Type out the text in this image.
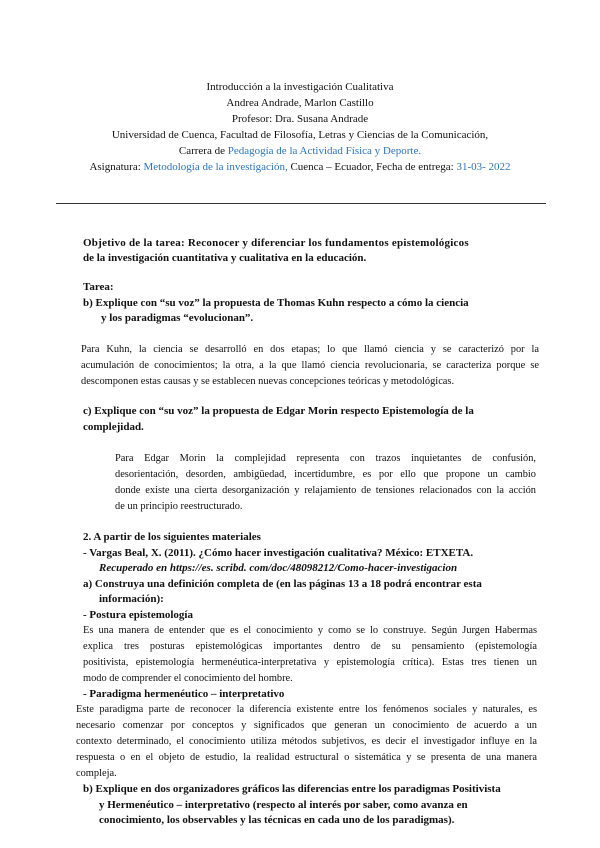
Introducción a la investigación Cualitativa
Andrea Andrade, Marlon Castillo
Profesor: Dra. Susana Andrade
Universidad de Cuenca, Facultad de Filosofía, Letras y Ciencias de la Comunicación,
Carrera de Pedagogía de la Actividad Física y Deporte.
Asignatura: Metodología de la investigación, Cuenca – Ecuador, Fecha de entrega: 31-03- 2022
Objetivo de la tarea: Reconocer y diferenciar los fundamentos epistemológicos
de la investigación cuantitativa y cualitativa en la educación.
Tarea:
b) Explique con “su voz” la propuesta de Thomas Kuhn respecto a cómo la ciencia
y los paradigmas “evolucionan”.
Para Kuhn, la ciencia se desarrolló en dos etapas; lo que llamó ciencia y se caracterizó por la
acumulación de conocimientos; la otra, a la que llamó ciencia revolucionaria, se caracteriza porque se
descomponen estas causas y se establecen nuevas concepciones teóricas y metodológicas.
c) Explique con “su voz” la propuesta de Edgar Morin respecto Epistemología de la
complejidad.
Para Edgar Morin la complejidad representa con trazos inquietantes de confusión,
desorientación, desorden, ambigüedad, incertidumbre, es por ello que propone un cambio
donde existe una cierta desorganización y relajamiento de tensiones relacionados con la acción
de un principio reestructurado.
2. A partir de los siguientes materiales
- Vargas Beal, X. (2011). ¿Cómo hacer investigación cualitativa? México: ETXETA.
Recuperado en https://es. scribd. com/doc/48098212/Como-hacer-investigacion
a) Construya una definición completa de (en las páginas 13 a 18 podrá encontrar esta
información):
- Postura epistemología
Es una manera de entender que es el conocimiento y como se lo construye. Según Jurgen Habermas
explica tres posturas epistemológicas importantes dentro de su pensamiento (epistemología
positivista, epistemología hermenéutica-interpretativa y epistemología crítica). Estas tres tienen un
modo de comprender el conocimiento del hombre.
- Paradigma hermenéutico – interpretativo
Este paradigma parte de reconocer la diferencia existente entre los fenómenos sociales y naturales, es
necesario comenzar por conceptos y significados que generan un conocimiento de acuerdo a un
contexto determinado, el conocimiento utiliza métodos subjetivos, es decir el investigador influye en la
respuesta o en el objeto de estudio, la realidad estructural o sistemática y se presenta de una manera
compleja.
b) Explique en dos organizadores gráficos las diferencias entre los paradigmas Positivista
y Hermenéutico – interpretativo (respecto al interés por saber, como avanza en
conocimiento, los observables y las técnicas en cada uno de los paradigmas).
